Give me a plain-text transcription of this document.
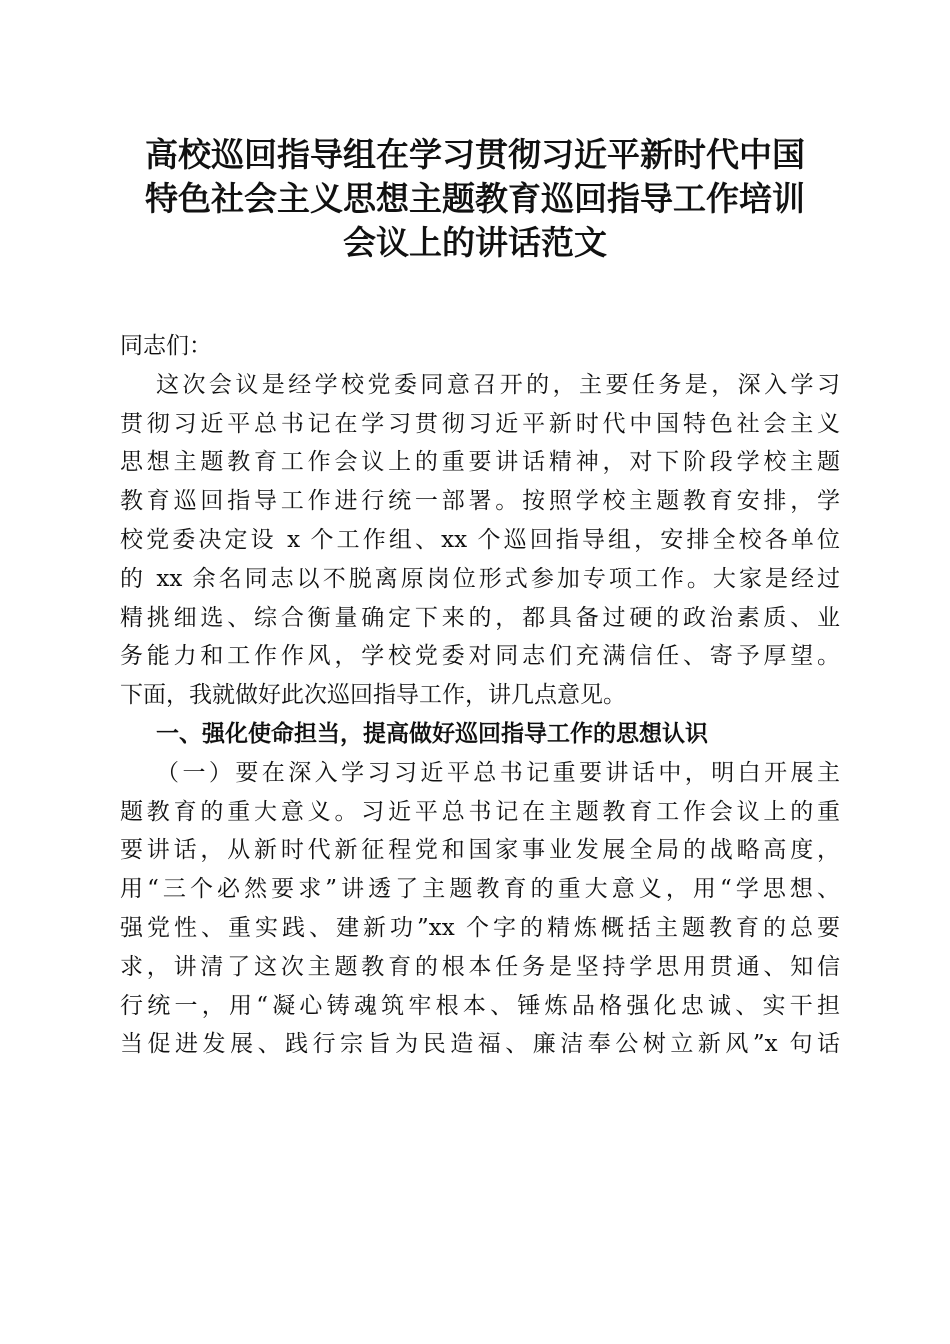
高校巡回指导组在学习贯彻习近平新时代中国
特色社会主义思想主题教育巡回指导工作培训
会议上的讲话范文
同志们：
这次会议是经学校党委同意召开的，主要任务是，深入学习
贯彻习近平总书记在学习贯彻习近平新时代中国特色社会主义
思想主题教育工作会议上的重要讲话精神，对下阶段学校主题
教育巡回指导工作进行统一部署。按照学校主题教育安排，学
校党委决定设 x 个工作组、xx 个巡回指导组，安排全校各单位
的 xx 余名同志以不脱离原岗位形式参加专项工作。大家是经过
精挑细选、综合衡量确定下来的，都具备过硬的政治素质、业
务能力和工作作风，学校党委对同志们充满信任、寄予厚望。
下面，我就做好此次巡回指导工作，讲几点意见。
一、强化使命担当，提高做好巡回指导工作的思想认识
（一）要在深入学习习近平总书记重要讲话中，明白开展主
题教育的重大意义。习近平总书记在主题教育工作会议上的重
要讲话，从新时代新征程党和国家事业发展全局的战略高度，
用“三个必然要求”讲透了主题教育的重大意义，用“学思想、
强党性、重实践、建新功”xx 个字的精炼概括主题教育的总要
求，讲清了这次主题教育的根本任务是坚持学思用贯通、知信
行统一，用“凝心铸魂筑牢根本、锤炼品格强化忠诚、实干担
当促进发展、践行宗旨为民造福、廉洁奉公树立新风”x 句话
